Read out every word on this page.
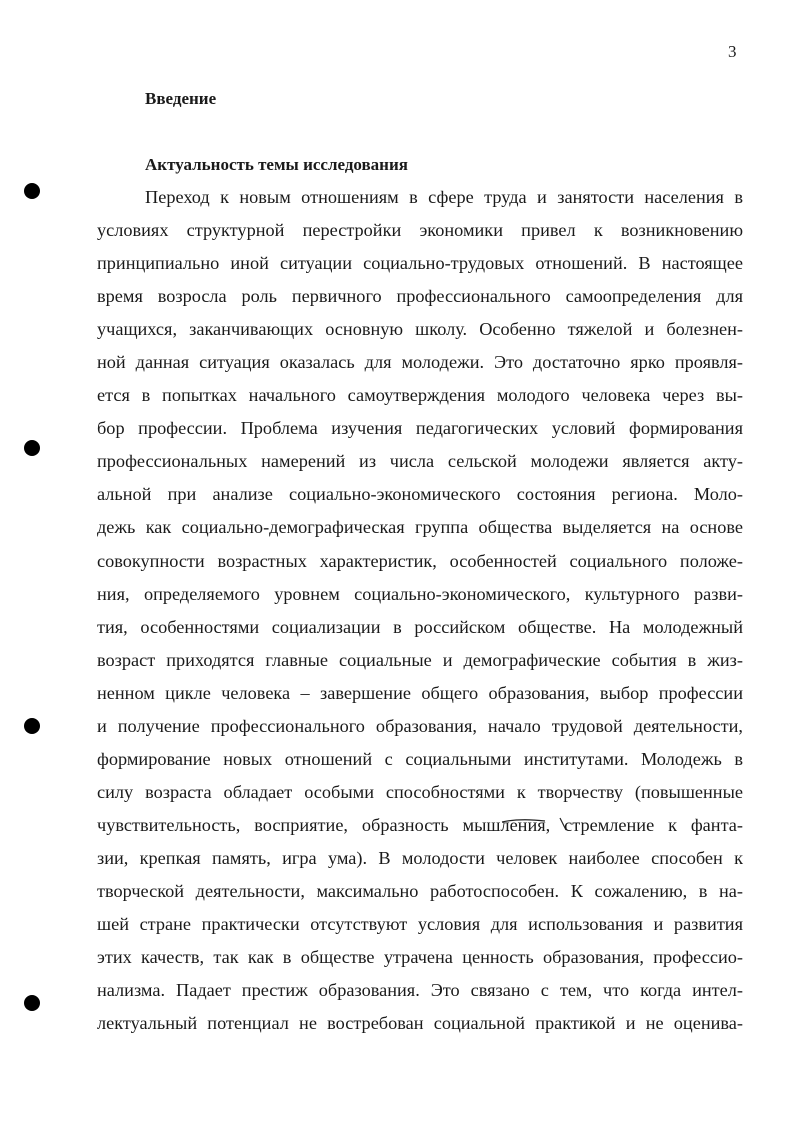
3
Введение
Актуальность темы исследования
Переход к новым отношениям в сфере труда и занятости населения в
условиях структурной перестройки экономики привел к возникновению
принципиально иной ситуации социально-трудовых отношений. В настоящее
время возросла роль первичного профессионального самоопределения для
учащихся, заканчивающих основную школу. Особенно тяжелой и болезнен-
ной данная ситуация оказалась для молодежи. Это достаточно ярко проявля-
ется в попытках начального самоутверждения молодого человека через вы-
бор профессии. Проблема изучения педагогических условий формирования
профессиональных намерений из числа сельской молодежи является акту-
альной при анализе социально-экономического состояния региона. Моло-
дежь как социально-демографическая группа общества выделяется на основе
совокупности возрастных характеристик, особенностей социального положе-
ния, определяемого уровнем социально-экономического, культурного разви-
тия, особенностями социализации в российском обществе. На молодежный
возраст приходятся главные социальные и демографические события в жиз-
ненном цикле человека – завершение общего образования, выбор профессии
и получение профессионального образования, начало трудовой деятельности,
формирование новых отношений с социальными институтами. Молодежь в
силу возраста обладает особыми способностями к творчеству (повышенные
чувствительность, восприятие, образность мышления, стремление к фанта-
зии, крепкая память, игра ума). В молодости человек наиболее способен к
творческой деятельности, максимально работоспособен. К сожалению, в на-
шей стране практически отсутствуют условия для использования и развития
этих качеств, так как в обществе утрачена ценность образования, профессио-
нализма. Падает престиж образования. Это связано с тем, что когда интел-
лектуальный потенциал не востребован социальной практикой и не оценива-
